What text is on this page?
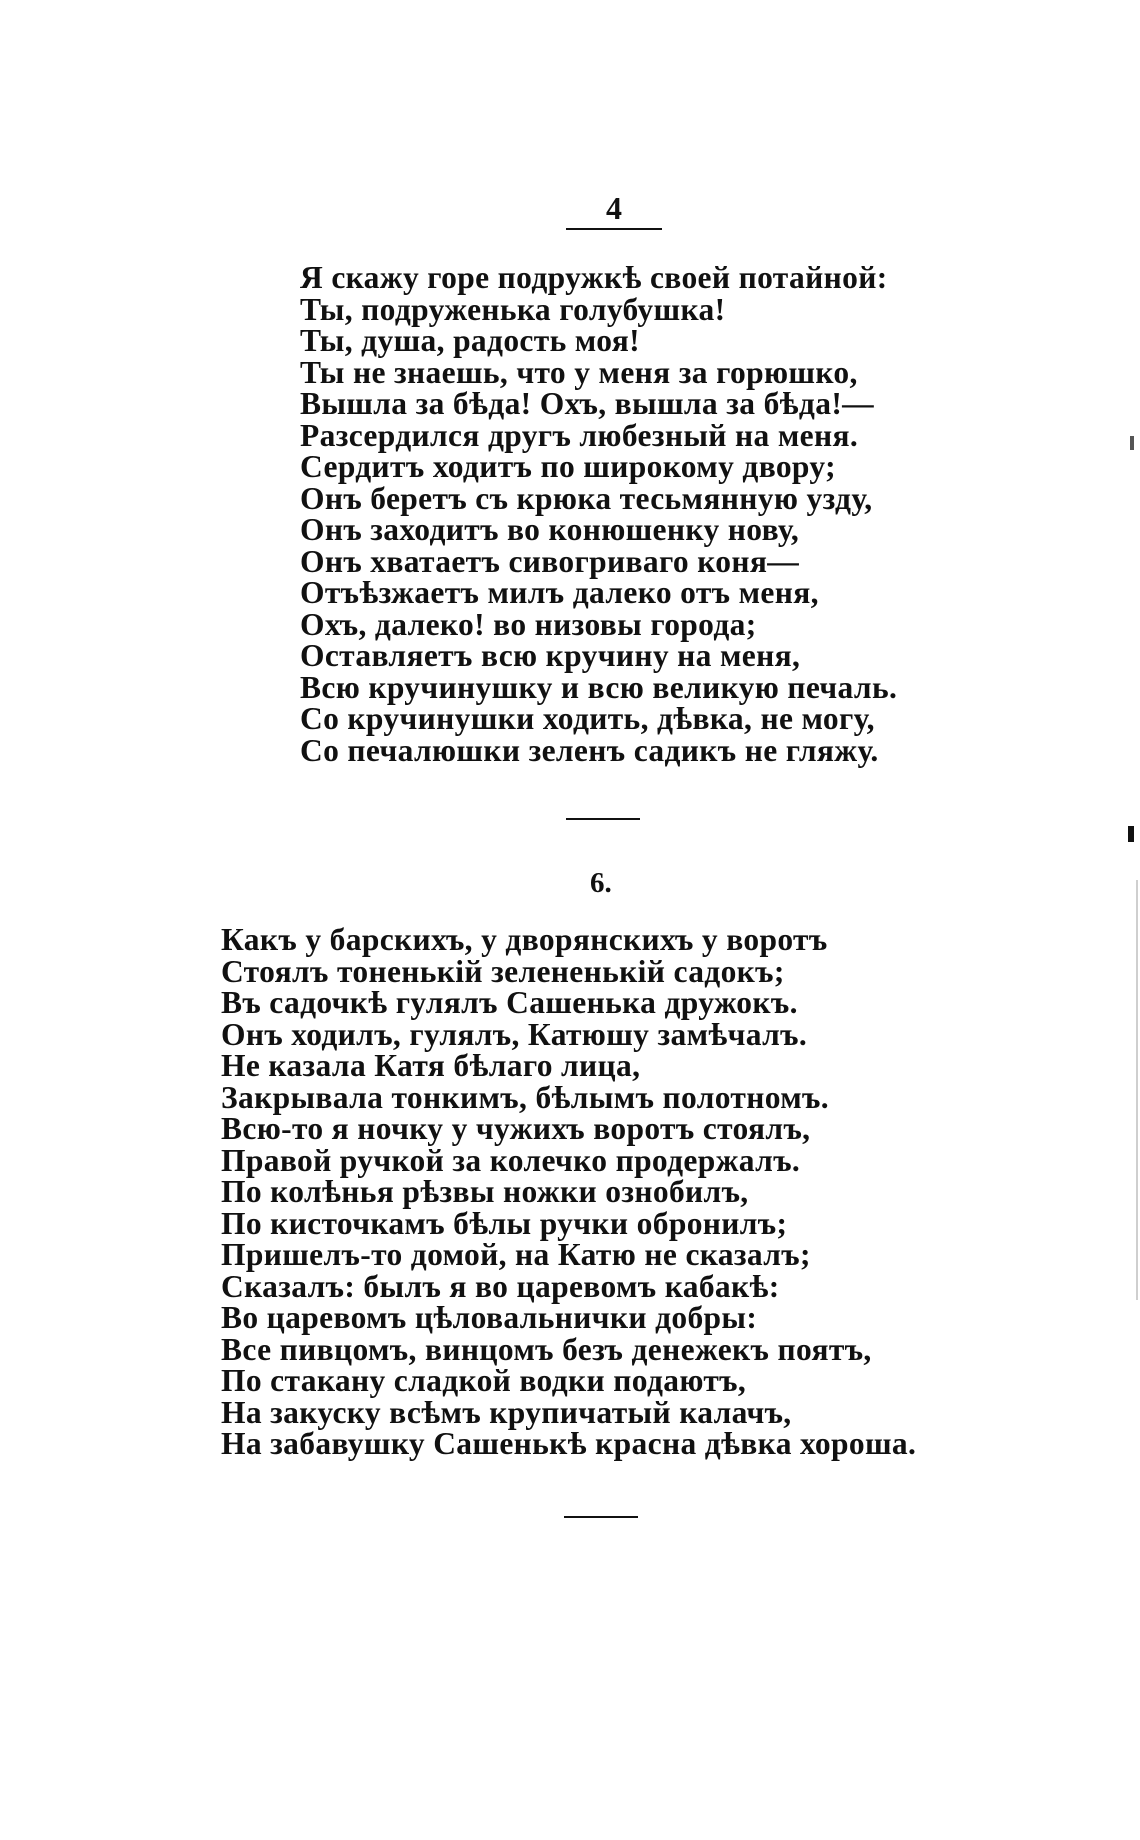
4
Я скажу горе подружкѣ своей потайной:
Ты, подруженька голубушка!
Ты, душа, радость моя!
Ты не знаешь, что у меня за горюшко,
Вышла за бѣда! Охъ, вышла за бѣда!—
Разсердился другъ любезный на меня.
Сердитъ ходитъ по широкому двору;
Онъ беретъ съ крюка тесьмянную узду,
Онъ заходитъ во конюшенку нову,
Онъ хватаетъ сивогриваго коня—
Отъѣзжаетъ милъ далеко отъ меня,
Охъ, далеко! во низовы города;
Оставляетъ всю кручину на меня,
Всю кручинушку и всю великую печаль.
Со кручинушки ходить, дѣвка, не могу,
Со печалюшки зеленъ садикъ не гляжу.
6.
Какъ у барскихъ, у дворянскихъ у воротъ
Стоялъ тоненькій зелененькій садокъ;
Въ садочкѣ гулялъ Сашенька дружокъ.
Онъ ходилъ, гулялъ, Катюшу замѣчалъ.
Не казала Катя бѣлаго лица,
Закрывала тонкимъ, бѣлымъ полотномъ.
Всю-то я ночку у чужихъ воротъ стоялъ,
Правой ручкой за колечко продержалъ.
По колѣнья рѣзвы ножки ознобилъ,
По кисточкамъ бѣлы ручки обронилъ;
Пришелъ-то домой, на Катю не сказалъ;
Сказалъ: былъ я во царевомъ кабакѣ:
Во царевомъ цѣловальнички добры:
Все пивцомъ, винцомъ безъ денежекъ поятъ,
По стакану сладкой водки подаютъ,
На закуску всѣмъ крупичатый калачъ,
На забавушку Сашенькѣ красна дѣвка хороша.
